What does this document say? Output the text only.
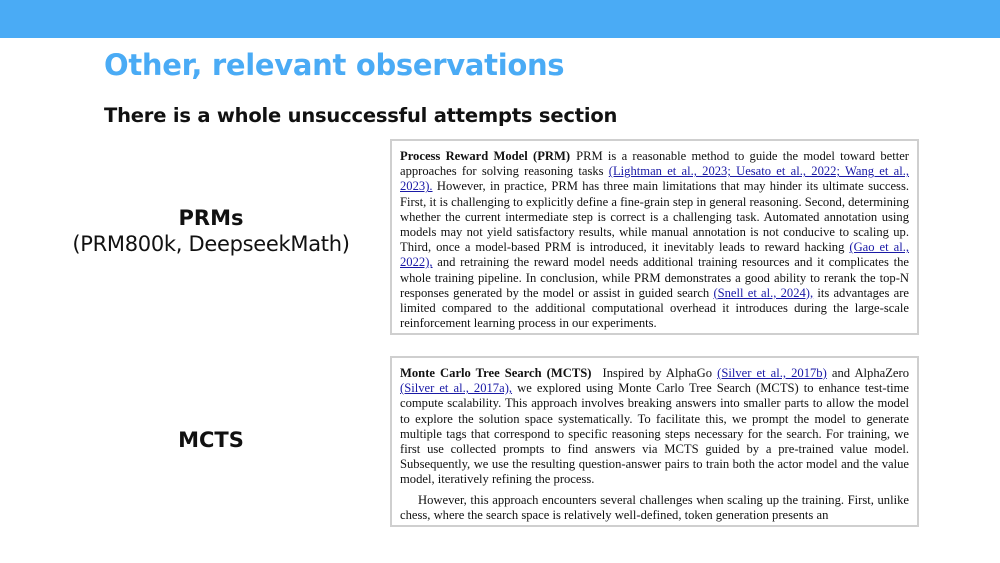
Other, relevant observations
There is a whole unsuccessful attempts section
PRMs
(PRM800k, DeepseekMath)

Process Reward Model (PRM) PRM is a reasonable method to guide the model toward better approaches for solving reasoning tasks (Lightman et al., 2023; Uesato et al., 2022; Wang et al., 2023). However, in practice, PRM has three main limitations that may hinder its ultimate success. First, it is challenging to explicitly define a fine-grain step in general reasoning. Second, determining whether the current intermediate step is correct is a challenging task. Automated annotation using models may not yield satisfactory results, while manual annotation is not conducive to scaling up. Third, once a model-based PRM is introduced, it inevitably leads to reward hacking (Gao et al., 2022), and retraining the reward model needs additional training resources and it complicates the whole training pipeline. In conclusion, while PRM demonstrates a good ability to rerank the top-N responses generated by the model or assist in guided search (Snell et al., 2024), its advantages are limited compared to the additional computational overhead it introduces during the large-scale reinforcement learning process in our experiments.

MCTS

Monte Carlo Tree Search (MCTS) Inspired by AlphaGo (Silver et al., 2017b) and AlphaZero (Silver et al., 2017a), we explored using Monte Carlo Tree Search (MCTS) to enhance test-time compute scalability. This approach involves breaking answers into smaller parts to allow the model to explore the solution space systematically. To facilitate this, we prompt the model to generate multiple tags that correspond to specific reasoning steps necessary for the search. For training, we first use collected prompts to find answers via MCTS guided by a pre-trained value model. Subsequently, we use the resulting question-answer pairs to train both the actor model and the value model, iteratively refining the process.

However, this approach encounters several challenges when scaling up the training. First, unlike chess, where the search space is relatively well-defined, token generation presents an
